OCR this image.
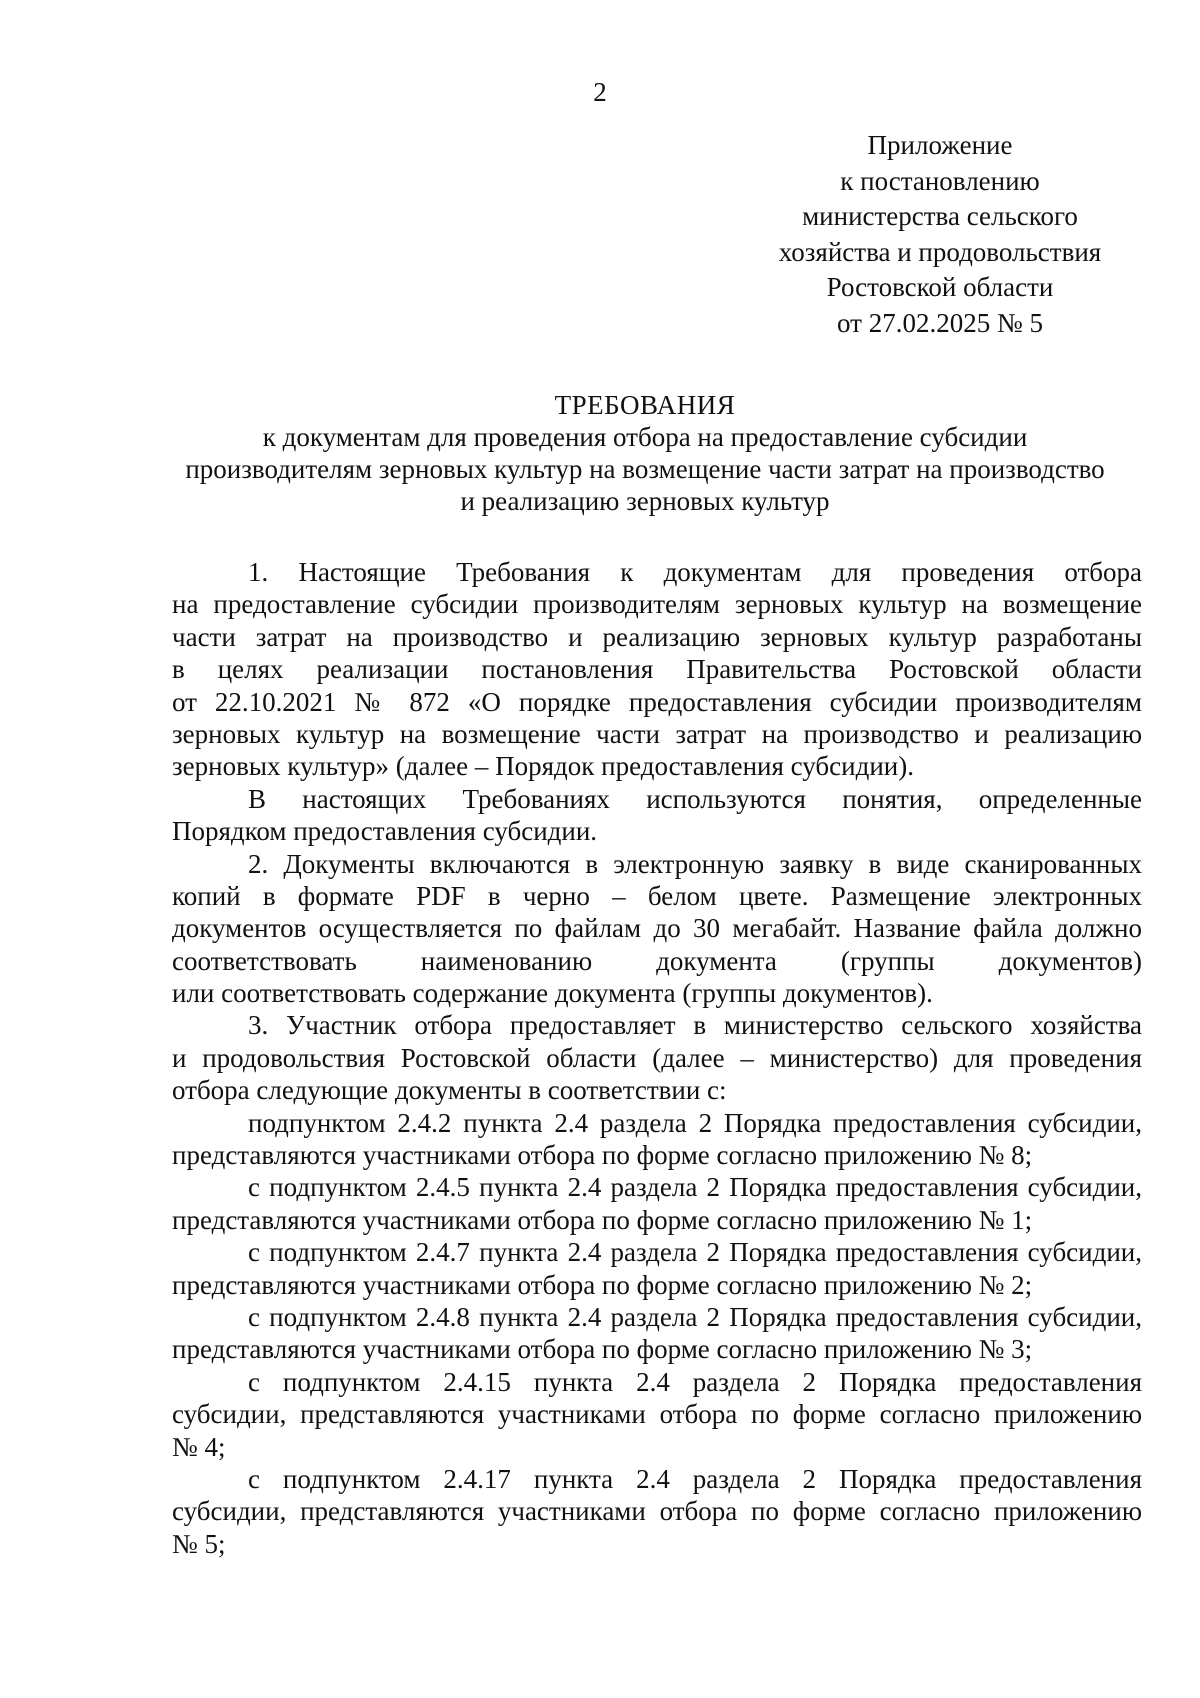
2
Приложение
к постановлению
министерства сельского
хозяйства и продовольствия
Ростовской области
от 27.02.2025 № 5
ТРЕБОВАНИЯ
к документам для проведения отбора на предоставление субсидии
производителям зерновых культур на возмещение части затрат на производство
и реализацию зерновых культур
1. Настоящие Требования к документам для проведения отбора
на предоставление субсидии производителям зерновых культур на возмещение
части затрат на производство и реализацию зерновых культур разработаны
в целях реализации постановления Правительства Ростовской области
от 22.10.2021 № 872 «О порядке предоставления субсидии производителям
зерновых культур на возмещение части затрат на производство и реализацию
зерновых культур» (далее – Порядок предоставления субсидии).
В настоящих Требованиях используются понятия, определенные
Порядком предоставления субсидии.
2. Документы включаются в электронную заявку в виде сканированных
копий в формате PDF в черно – белом цвете. Размещение электронных
документов осуществляется по файлам до 30 мегабайт. Название файла должно
соответствовать наименованию документа (группы документов)
или соответствовать содержание документа (группы документов).
3. Участник отбора предоставляет в министерство сельского хозяйства
и продовольствия Ростовской области (далее – министерство) для проведения
отбора следующие документы в соответствии с:
подпунктом 2.4.2 пункта 2.4 раздела 2 Порядка предоставления субсидии,
представляются участниками отбора по форме согласно приложению № 8;
с подпунктом 2.4.5 пункта 2.4 раздела 2 Порядка предоставления субсидии,
представляются участниками отбора по форме согласно приложению № 1;
с подпунктом 2.4.7 пункта 2.4 раздела 2 Порядка предоставления субсидии,
представляются участниками отбора по форме согласно приложению № 2;
с подпунктом 2.4.8 пункта 2.4 раздела 2 Порядка предоставления субсидии,
представляются участниками отбора по форме согласно приложению № 3;
с подпунктом 2.4.15 пункта 2.4 раздела 2 Порядка предоставления
субсидии, представляются участниками отбора по форме согласно приложению
№ 4;
с подпунктом 2.4.17 пункта 2.4 раздела 2 Порядка предоставления
субсидии, представляются участниками отбора по форме согласно приложению
№ 5;
